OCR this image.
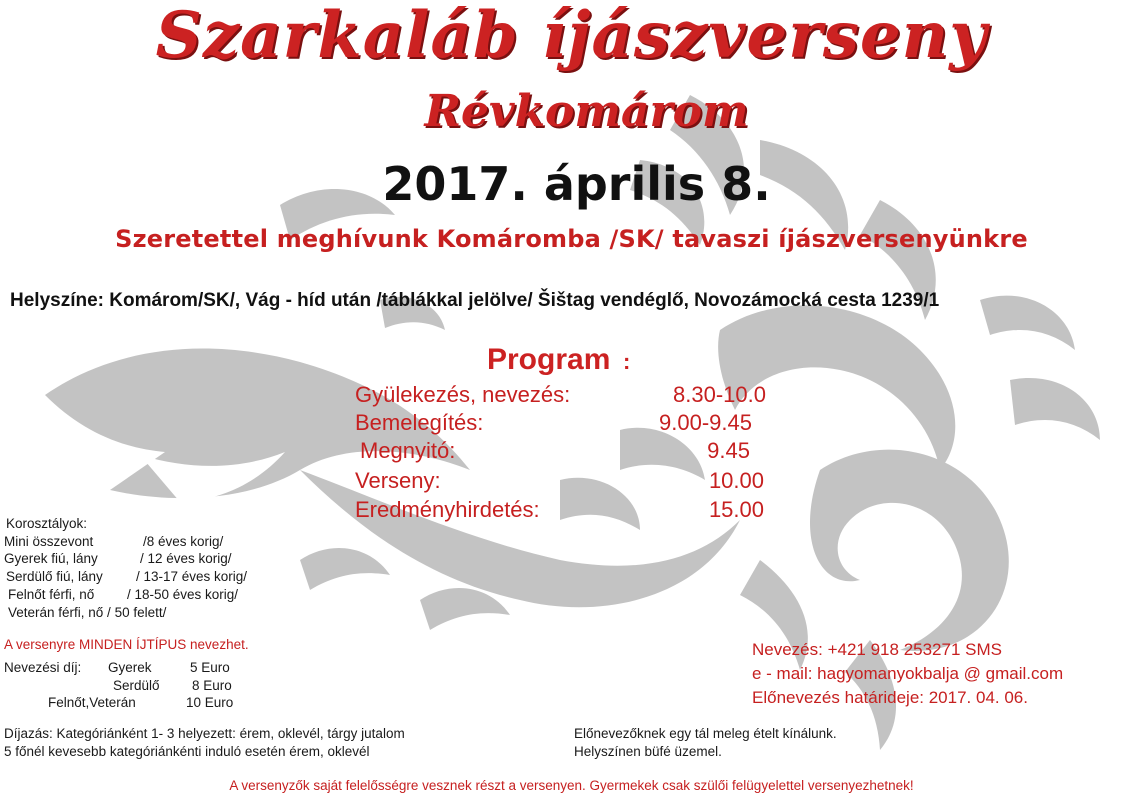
Szarkaláb íjászverseny
Révkomárom
2017. április 8.
Szeretettel meghívunk Komáromba /SK/ tavaszi íjászversenyünkre
Helyszíne: Komárom/SK/, Vág - híd után /táblákkal jelölve/ Šištag vendéglő, Novozámocká cesta 1239/1
Program :
Gyülekezés, nevezés:	8.30-10.0
Bemelegítés:	9.00-9.45
Megnyitó:	9.45
Verseny:	10.00
Eredményhirdetés:	15.00
Korosztályok:
Mini összevont	/8 éves korig/
Gyerek fiú, lány	/ 12 éves korig/
Serdülő fiú, lány / 13-17 éves korig/
Felnőt férfi, nő / 18-50 éves korig/
Veterán férfi, nő / 50 felett/
A versenyre MINDEN ÍJTÍPUS nevezhet.
Nevezési díj: Gyerek	5 Euro
Serdülő 8 Euro
Felnőt,Veterán	10 Euro
Nevezés: +421 918 253271 SMS
e - mail: hagyomanyokbalja @ gmail.com
Előnevezés határideje: 2017. 04. 06.
Díjazás: Kategóriánként 1- 3 helyezett: érem, oklevél, tárgy jutalom
5 főnél kevesebb kategóriánkénti induló esetén érem, oklevél
Előnevezőknek egy tál meleg ételt kínálunk.
Helyszínen büfé üzemel.
A versenyzők saját felelősségre vesznek részt a versenyen. Gyermekek csak szülői felügyelettel versenyezhetnek!
